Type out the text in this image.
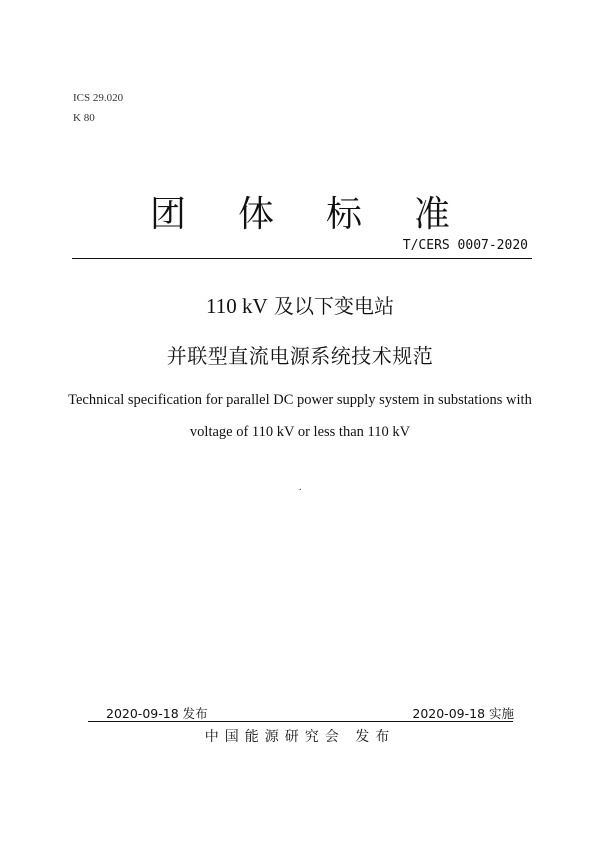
ICS 29.020
K 80
团体标准
T/CERS 0007-2020
110 kV 及以下变电站
并联型直流电源系统技术规范
Technical specification for parallel DC power supply system in substations with
voltage of 110 kV or less than 110 kV
.
2020-09-18 发布	2020-09-18 实施
中国能源研究会 发布
